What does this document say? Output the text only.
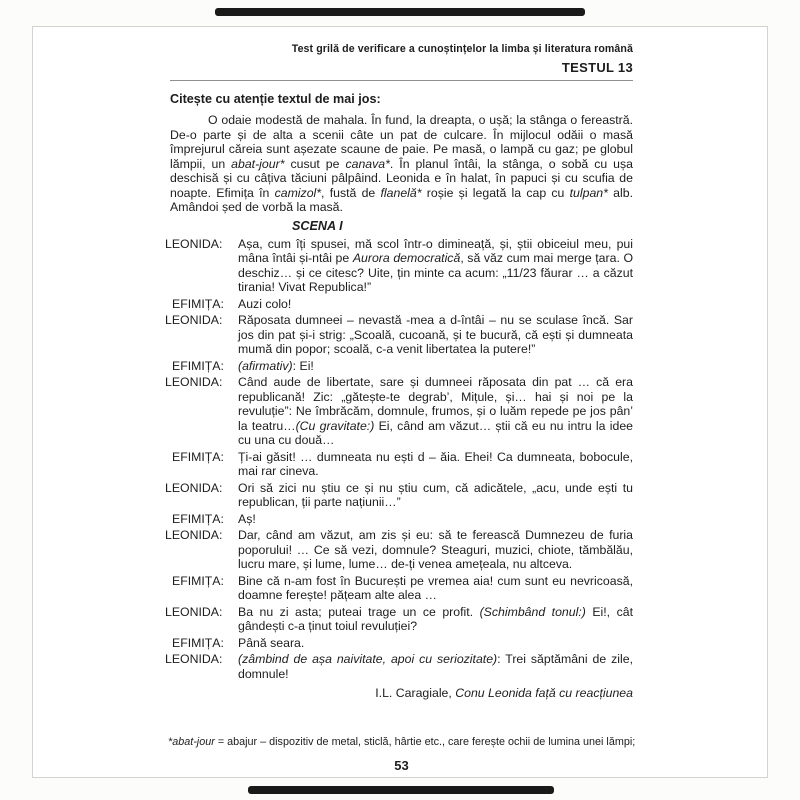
Test grilă de verificare a cunoștințelor la limba și literatura română
TESTUL 13
Citește cu atenție textul de mai jos:

O odaie modestă de mahala. În fund, la dreapta, o ușă; la stânga o fereastră. De-o parte și de alta a scenii câte un pat de culcare. În mijlocul odăii o masă împrejurul căreia sunt așezate scaune de paie. Pe masă, o lampă cu gaz; pe globul lămpii, un abat-jour* cusut pe canava*. În planul întâi, la stânga, o sobă cu ușa deschisă și cu câțiva tăciuni pâlpâind. Leonida e în halat, în papuci și cu scufia de noapte. Efimița în camizol*, fustă de flanelă* roșie și legată la cap cu tulpan* alb. Amândoi șed de vorbă la masă.

SCENA I
LEONIDA: Așa, cum îți spusei, mă scol într-o dimineață, și, știi obiceiul meu, pui mâna întâi și-ntâi pe Aurora democratică, să văz cum mai merge țara. O deschiz… și ce citesc? Uite, țin minte ca acum: „11/23 făurar … a căzut tirania! Vivat Republica!”
EFIMIȚA: Auzi colo!
LEONIDA: Răposata dumneei – nevastă -mea a d-întâi – nu se sculase încă. Sar jos din pat și-i strig: „Scoală, cucoană, și te bucură, că ești și dumneata mumă din popor; scoală, c-a venit libertatea la putere!”
EFIMIȚA: (afirmativ): Ei!
LEONIDA: Când aude de libertate, sare și dumneei răposata din pat … că era republicană! Zic: „gătește-te degrab’, Mițule, și… hai și noi pe la revuluție”: Ne îmbrăcăm, domnule, frumos, și o luăm repede pe jos pân’ la teatru…(Cu gravitate:) Ei, când am văzut… știi că eu nu intru la idee cu una cu două…
EFIMIȚA: Ți-ai găsit! … dumneata nu ești d – ăia. Ehei! Ca dumneata, bobocule, mai rar cineva.
LEONIDA: Ori să zici nu știu ce și nu știu cum, că adicătele, „acu, unde ești tu republican, ții parte națiunii…”
EFIMIȚA: Aș!
LEONIDA: Dar, când am văzut, am zis și eu: să te ferească Dumnezeu de furia poporului! … Ce să vezi, domnule? Steaguri, muzici, chiote, tămbălău, lucru mare, și lume, lume… de-ți venea amețeala, nu altceva.
EFIMIȚA: Bine că n-am fost în București pe vremea aia! cum sunt eu nevricoasă, doamne ferește! pățeam alte alea …
LEONIDA: Ba nu zi asta; puteai trage un ce profit. (Schimbând tonul:) Ei!, cât gândești c-a ținut toiul revuluției?
EFIMIȚA: Până seara.
LEONIDA: (zâmbind de așa naivitate, apoi cu seriozitate): Trei săptămâni de zile, domnule!
I.L. Caragiale, Conu Leonida față cu reacțiunea
*abat-jour = abajur – dispozitiv de metal, sticlă, hârtie etc., care ferește ochii de lumina unei lămpi;
53
